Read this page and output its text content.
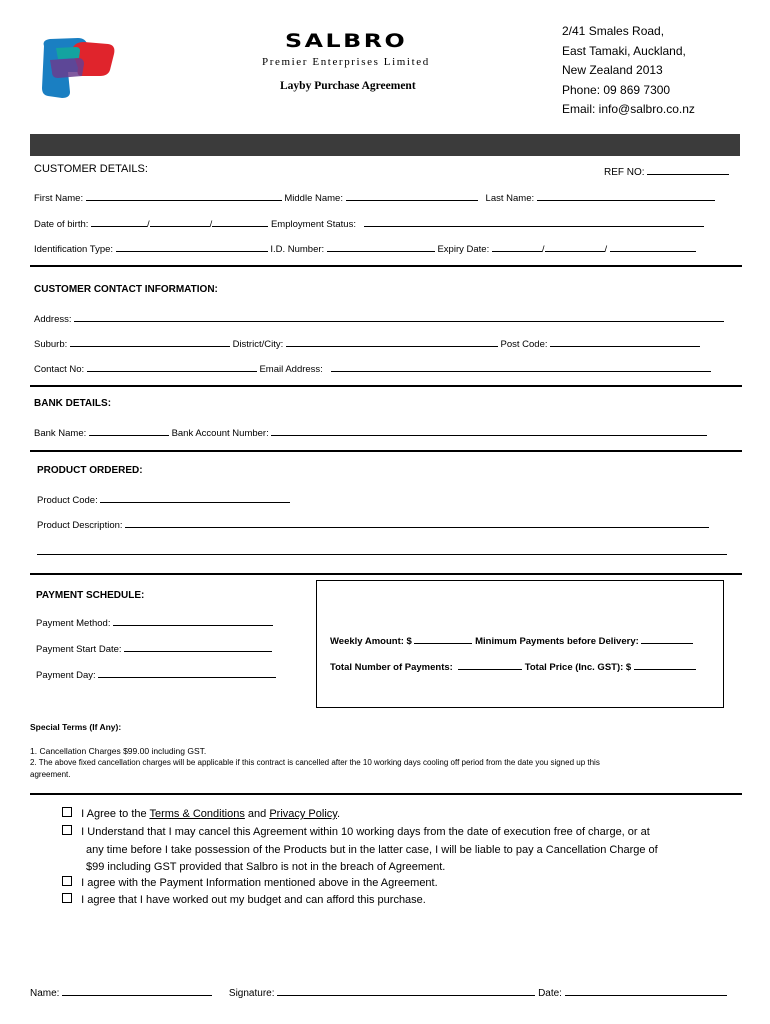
SALBRO
Premier Enterprises Limited
Layby Purchase Agreement
2/41 Smales Road,
East Tamaki, Auckland,
New Zealand 2013
Phone: 09 869 7300
Email: info@salbro.co.nz
CUSTOMER DETAILS:	REF NO:
First Name:	Middle Name:	Last Name:
Date of birth:	/	/	Employment Status:
Identification Type:	I.D. Number:	Expiry Date:	/	/
CUSTOMER CONTACT INFORMATION:
Address:
Suburb:	District/City:	Post Code:
Contact No:	Email Address:
BANK DETAILS:
Bank Name:	Bank Account Number:
PRODUCT ORDERED:
Product Code:
Product Description:
PAYMENT SCHEDULE:
Payment Method:
Payment Start Date:
Payment Day:
Weekly Amount: $	Minimum Payments before Delivery:
Total Number of Payments:	Total Price (Inc. GST): $
Special Terms (If Any):
1. Cancellation Charges $99.00 including GST.
2. The above fixed cancellation charges will be applicable if this contract is cancelled after the 10 working days cooling off period from the date you signed up this
agreement.
I Agree to the Terms & Conditions and Privacy Policy.
I Understand that I may cancel this Agreement within 10 working days from the date of execution free of charge, or at
any time before I take possession of the Products but in the latter case, I will be liable to pay a Cancellation Charge of
$99 including GST provided that Salbro is not in the breach of Agreement.
I agree with the Payment Information mentioned above in the Agreement.
I agree that I have worked out my budget and can afford this purchase.
Name:	Signature:	Date:
